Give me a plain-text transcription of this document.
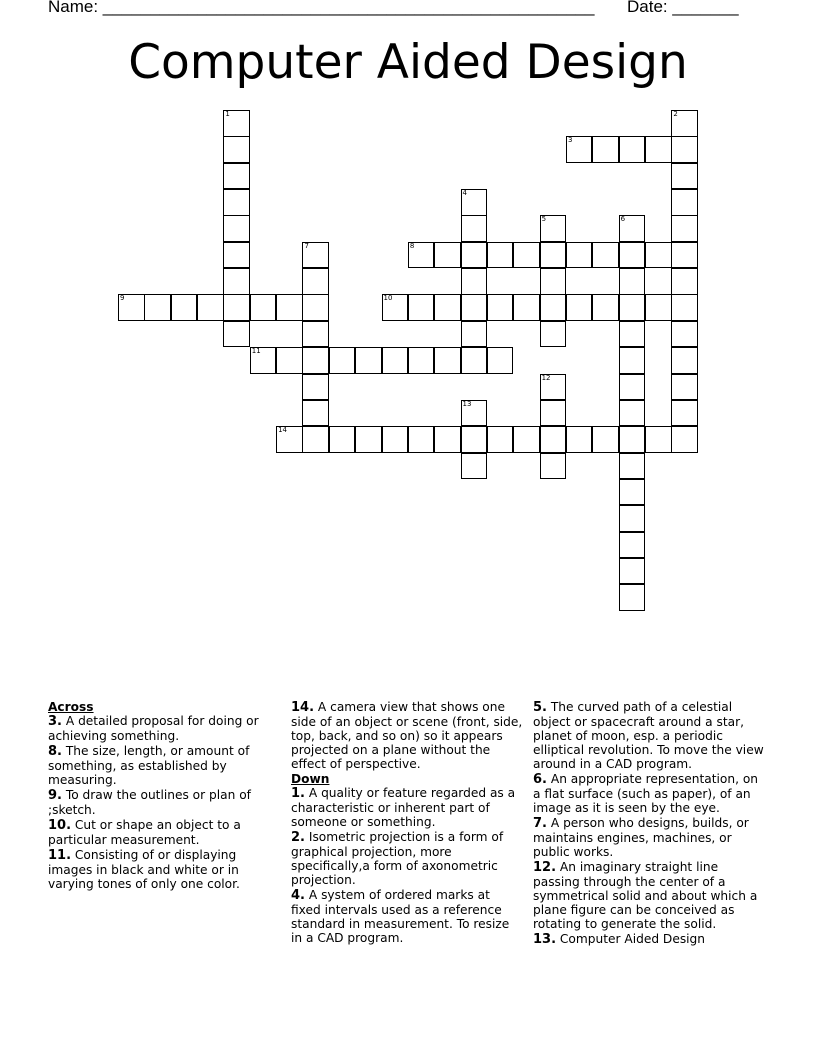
Name: ____________________________________________________

Date: _______

Computer Aided Design
3
8
9	10
11
14
1	2
4
5	6
7
12
13
Across
3. A detailed proposal for doing or achieving something.
8. The size, length, or amount of something, as established by measuring.
9. To draw the outlines or plan of ;sketch.
10. Cut or shape an object to a particular measurement.
11. Consisting of or displaying images in black and white or in varying tones of only one color.
14. A camera view that shows one side of an object or scene (front, side, top, back, and so on) so it appears projected on a plane without the effect of perspective.
Down
1. A quality or feature regarded as a characteristic or inherent part of someone or something.
2. Isometric projection is a form of graphical projection, more specifically,a form of axonometric projection.
4. A system of ordered marks at fixed intervals used as a reference standard in measurement. To resize in a CAD program.
5. The curved path of a celestial object or spacecraft around a star, planet of moon, esp. a periodic elliptical revolution. To move the view around in a CAD program.
6. An appropriate representation, on a flat surface (such as paper), of an image as it is seen by the eye.
7. A person who designs, builds, or maintains engines, machines, or public works.
12. An imaginary straight line passing through the center of a symmetrical solid and about which a plane figure can be conceived as rotating to generate the solid.
13. Computer Aided Design
